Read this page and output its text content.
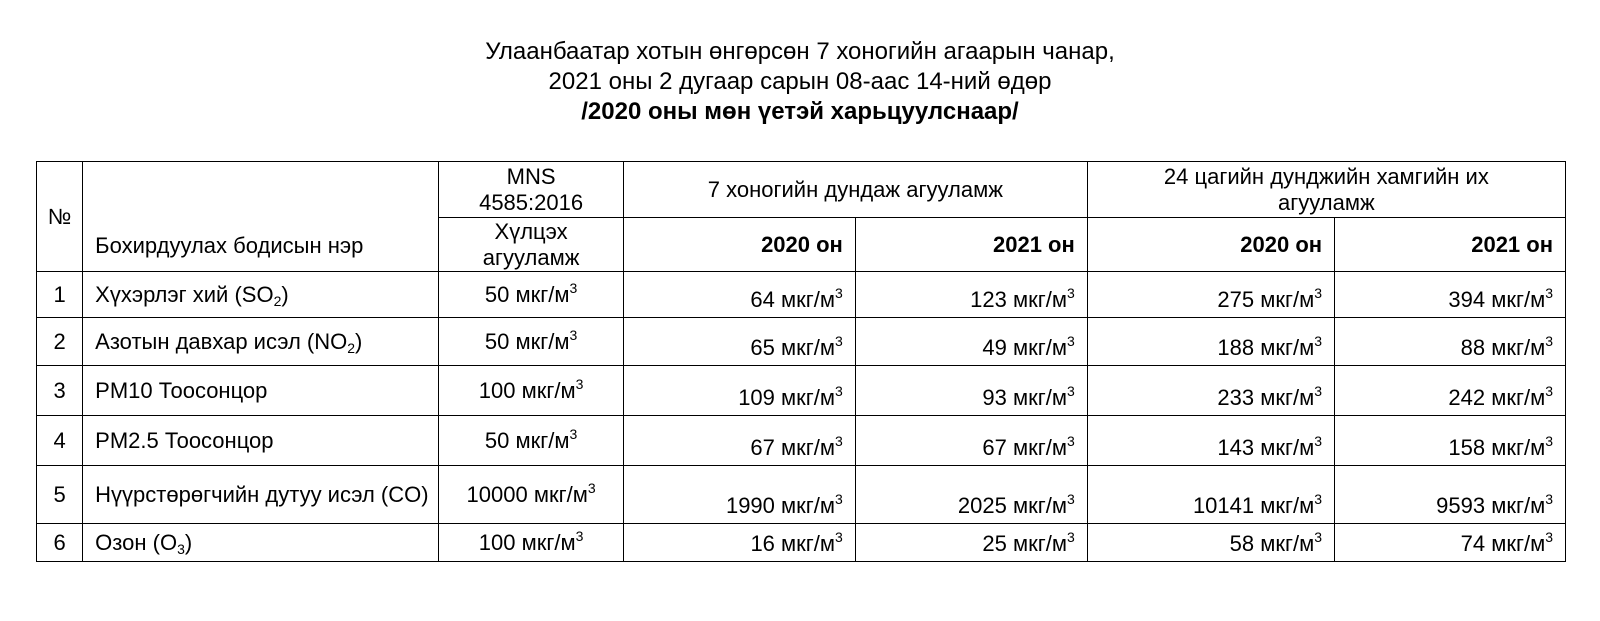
Улаанбаатар хотын өнгөрсөн 7 хоногийн агаарын чанар,
2021 оны 2 дугаар сарын 08-аас 14-ний өдөр
/2020 оны мөн үетэй харьцуулснаар/
№	Бохирдуулах бодисын нэр	MNS 4585:2016	7 хоногийн дундаж агууламж		24 цагийн дунджийн хамгийн их агууламж	
		Хүлцэх агууламж	2020 он	2021 он	2020 он	2021 он
1	Хүхэрлэг хий $(SO_2)$	50 мкг/$м^3$	64 мкг/$м^3$	123 мкг/$м^3$	275 мкг/$м^3$	394 мкг/$м^3$
2	Азотын давхар исэл $(NO_2)$	50 мкг/$м^3$	65 мкг/$м^3$	49 мкг/$м^3$	188 мкг/$м^3$	88 мкг/$м^3$
3	PM10 Тоосонцор	100 мкг/$м^3$	109 мкг/$м^3$	93 мкг/$м^3$	233 мкг/$м^3$	242 мкг/$м^3$
4	PM2.5 Тоосонцор	50 мкг/$м^3$	67 мкг/$м^3$	67 мкг/$м^3$	143 мкг/$м^3$	158 мкг/$м^3$
5	Нүүрстөрөгчийн дутуу исэл (CO)	10000 мкг/$м^3$	1990 мкг/$м^3$	2025 мкг/$м^3$	10141 мкг/$м^3$	9593 мкг/$м^3$
6	Озон $(O_3)$	100 мкг/$м^3$	16 мкг/$м^3$	25 мкг/$м^3$	58 мкг/$м^3$	74 мкг/$м^3$
